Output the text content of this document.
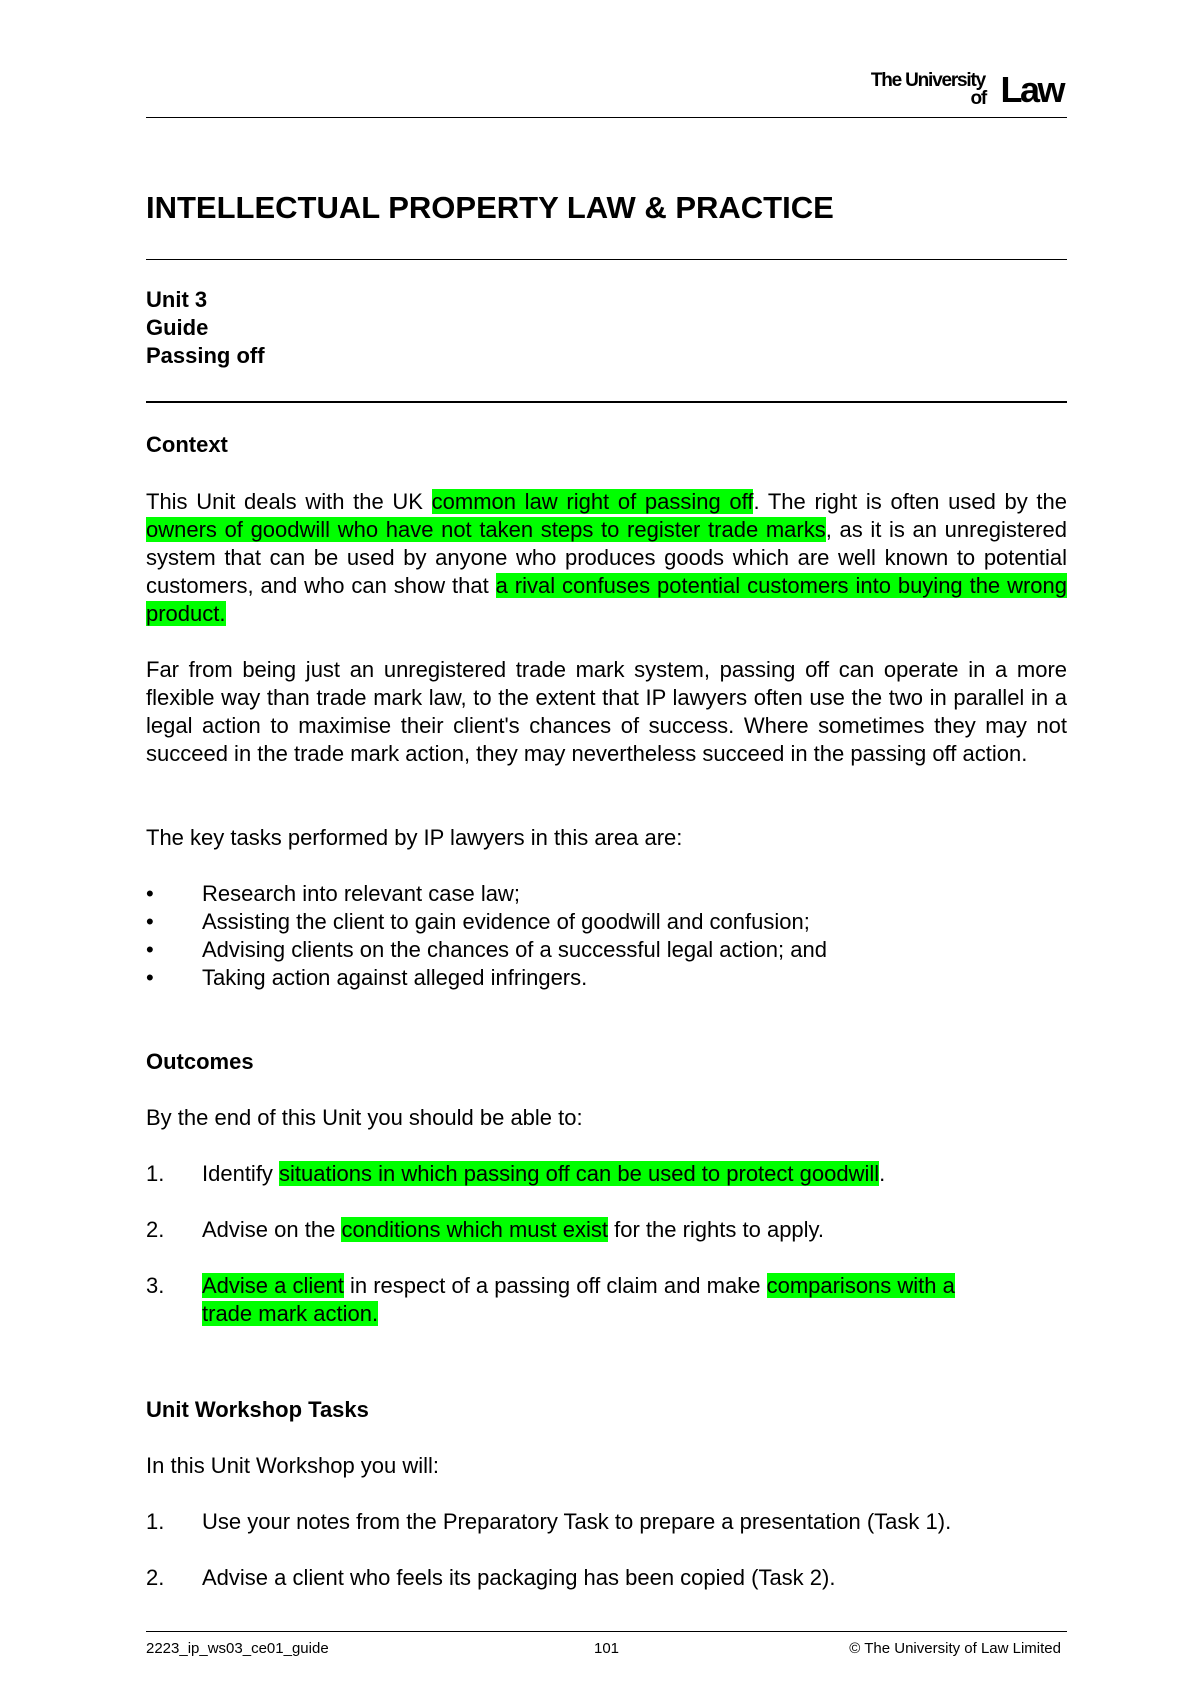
The University
of Law
INTELLECTUAL PROPERTY LAW & PRACTICE
Unit 3
Guide
Passing off
Context
This Unit deals with the UK common law right of passing off. The right is often used by the owners of goodwill who have not taken steps to register trade marks, as it is an unregistered system that can be used by anyone who produces goods which are well known to potential customers, and who can show that a rival confuses potential customers into buying the wrong product.
Far from being just an unregistered trade mark system, passing off can operate in a more flexible way than trade mark law, to the extent that IP lawyers often use the two in parallel in a legal action to maximise their client's chances of success. Where sometimes they may not succeed in the trade mark action, they may nevertheless succeed in the passing off action.
The key tasks performed by IP lawyers in this area are:
• Research into relevant case law;
• Assisting the client to gain evidence of goodwill and confusion;
• Advising clients on the chances of a successful legal action; and
• Taking action against alleged infringers.
Outcomes
By the end of this Unit you should be able to:
1. Identify situations in which passing off can be used to protect goodwill.
2. Advise on the conditions which must exist for the rights to apply.
3. Advise a client in respect of a passing off claim and make comparisons with a trade mark action.
Unit Workshop Tasks
In this Unit Workshop you will:
1. Use your notes from the Preparatory Task to prepare a presentation (Task 1).
2. Advise a client who feels its packaging has been copied (Task 2).
2223_ip_ws03_ce01_guide	101	© The University of Law Limited
